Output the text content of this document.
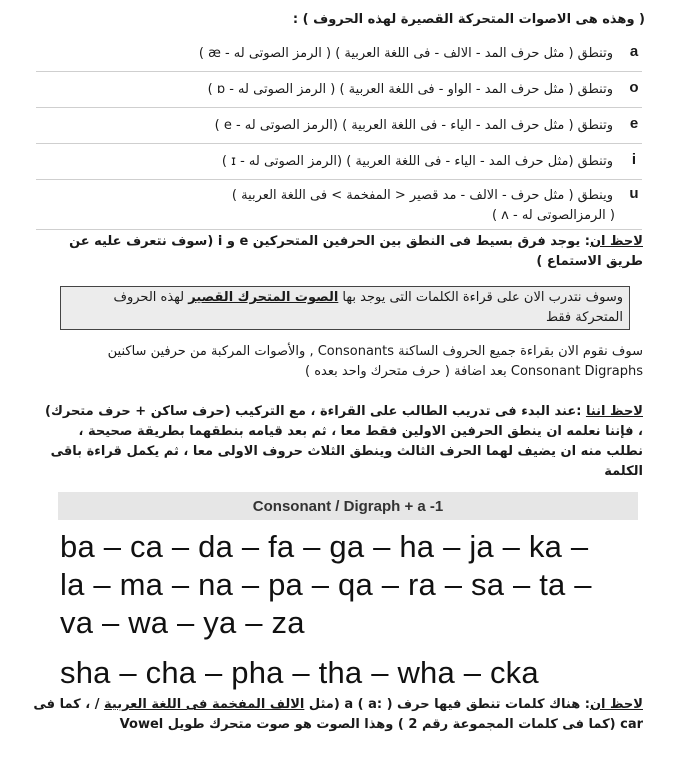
( وهذه هى الاصوات المتحركة القصيرة لهذه الحروف ) :
a
وتنطق ( مثل حرف المد - الالف - فى اللغة العربية ) ( الرمز الصوتى له - æ )
o
وتنطق ( مثل حرف المد - الواو - فى اللغة العربية ) ( الرمز الصوتى له - ɒ )
e
وتنطق ( مثل حرف المد - الياء - فى اللغة العربية ) (الرمز الصوتى له - e )
i
وتنطق (مثل حرف المد - الياء - فى اللغة العربية ) (الرمز الصوتى له - ɪ )
u
وينطق ( مثل حرف - الالف - مد قصير < المفخمة > فى اللغة العربية )
( الرمزالصوتى له - ʌ )
لاحظ ان: يوجد فرق بسيط فى النطق بين الحرفين المتحركين e و i (سوف نتعرف عليه عن طريق الاستماع )
وسوف نتدرب الان على قراءة الكلمات التى يوجد بها الصوت المتحرك القصير لهذه الحروف المتحركة فقط
سوف نقوم الان بقراءة جميع الحروف الساكنة Consonants , والأصوات المركبة من حرفين ساكنين Consonant Digraphs بعد اضافة ( حرف متحرك واحد بعده )
لاحظ اننا :عند البدء فى تدريب الطالب على القراءة ، مع التركيب (حرف ساكن + حرف متحرك) ، فإننا نعلمه ان ينطق الحرفين الاولين فقط معا ، ثم بعد قيامه بنطقهما بطريقة صحيحة ، نطلب منه ان يضيف لهما الحرف الثالث وينطق الثلاث حروف الاولى معا ، ثم يكمل قراءة باقى الكلمة
Consonant / Digraph + a -1
ba – ca – da – fa – ga – ha – ja – ka –
la – ma – na – pa – qa – ra – sa – ta –
va – wa – ya – za
sha – cha – pha – tha – wha – cka
لاحظ ان: هناك كلمات تنطق فيها حرف a ( a: ) (مثل الالف المفخمة فى اللغة العربية / ، كما فى car (كما فى كلمات المجموعة رقم 2 ) وهذا الصوت هو صوت متحرك طويل Vowel
